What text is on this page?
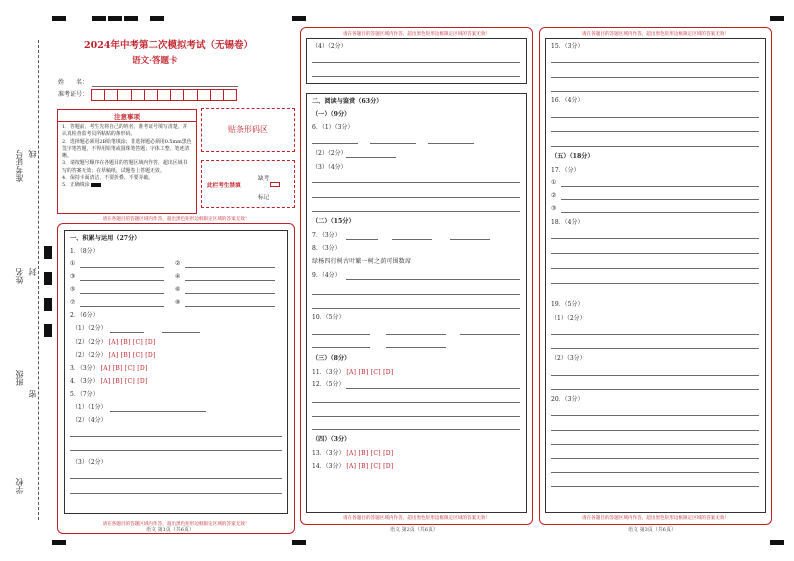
准考证号 线
姓名 封
班级
密
学校
2024年中考第二次模拟考试（无锡卷）
语文·答题卡
姓　　名：
准考证号：
注意事项
1．答题前，考生先将自己的姓名，准考证号填写清楚，并认真检查监考员所粘贴的条形码。
2．选择题必须用2B铅笔填涂；非选择题必须用0.5mm黑色签字笔答题，不得用铅笔或圆珠笔答题；字体工整、笔迹清晰。
3．请按题号顺序在各题目的答题区域内作答，超出区域书写的答案无效；在草稿纸、试题卷上答题无效。
4．保持卡面清洁，不要折叠、不要弄破。
5．正确填涂
贴条形码区
此栏考生禁填
缺考
标记
请在各题目的答题区域内作答，超出黑色矩形边框限定区域的答案无效！
请在各题目的答题区域内作答，超出黑色矩形边框限定区域的答案无效！
一、积累与运用（27分）
1．（8分）
①	②
③	④
⑤	⑥
⑦	⑧
2．（6分）
（1）（2分）
（2）（2分） [A] [B] [C] [D]
（2）（2分） [A] [B] [C] [D]
3．（3分） [A] [B] [C] [D]
4．（3分） [A] [B] [C] [D]
5．（7分）
（1）（1分）
（2）（4分）
（3）（2分）
语文 第1页（共6页）
请在各题目的答题区域内作答，超出黑色矩形边框限定区域的答案无效！
请在各题目的答题区域内作答，超出黑色矩形边框限定区域的答案无效！
（4）（2分）
二、阅读与鉴赏（63分）
（一）（9分）
6．（1）（3分）
（2）（2分）
（3）（4分）
（二）（15分）
7．（3分）
8．（3分）
绿杨四行树古叶繁一树之荫可围数席
9．（4分）
10．（5分）
（三）（8分）
11．（3分） [A] [B] [C] [D]
12．（5分）
（四）（3分）
13．（3分） [A] [B] [C] [D]
14．（3分） [A] [B] [C] [D]
语文 第2页（共6页）
请在各题目的答题区域内作答，超出黑色矩形边框限定区域的答案无效！
请在各题目的答题区域内作答，超出黑色矩形边框限定区域的答案无效！
15．（3分）
16．（4分）
（五）（18分）
17．（分）
①
②
③
18．（4分）
19．（5分）
（1）（2分）
（2）（3分）
20．（3分）
语文 第3页（共6页）
